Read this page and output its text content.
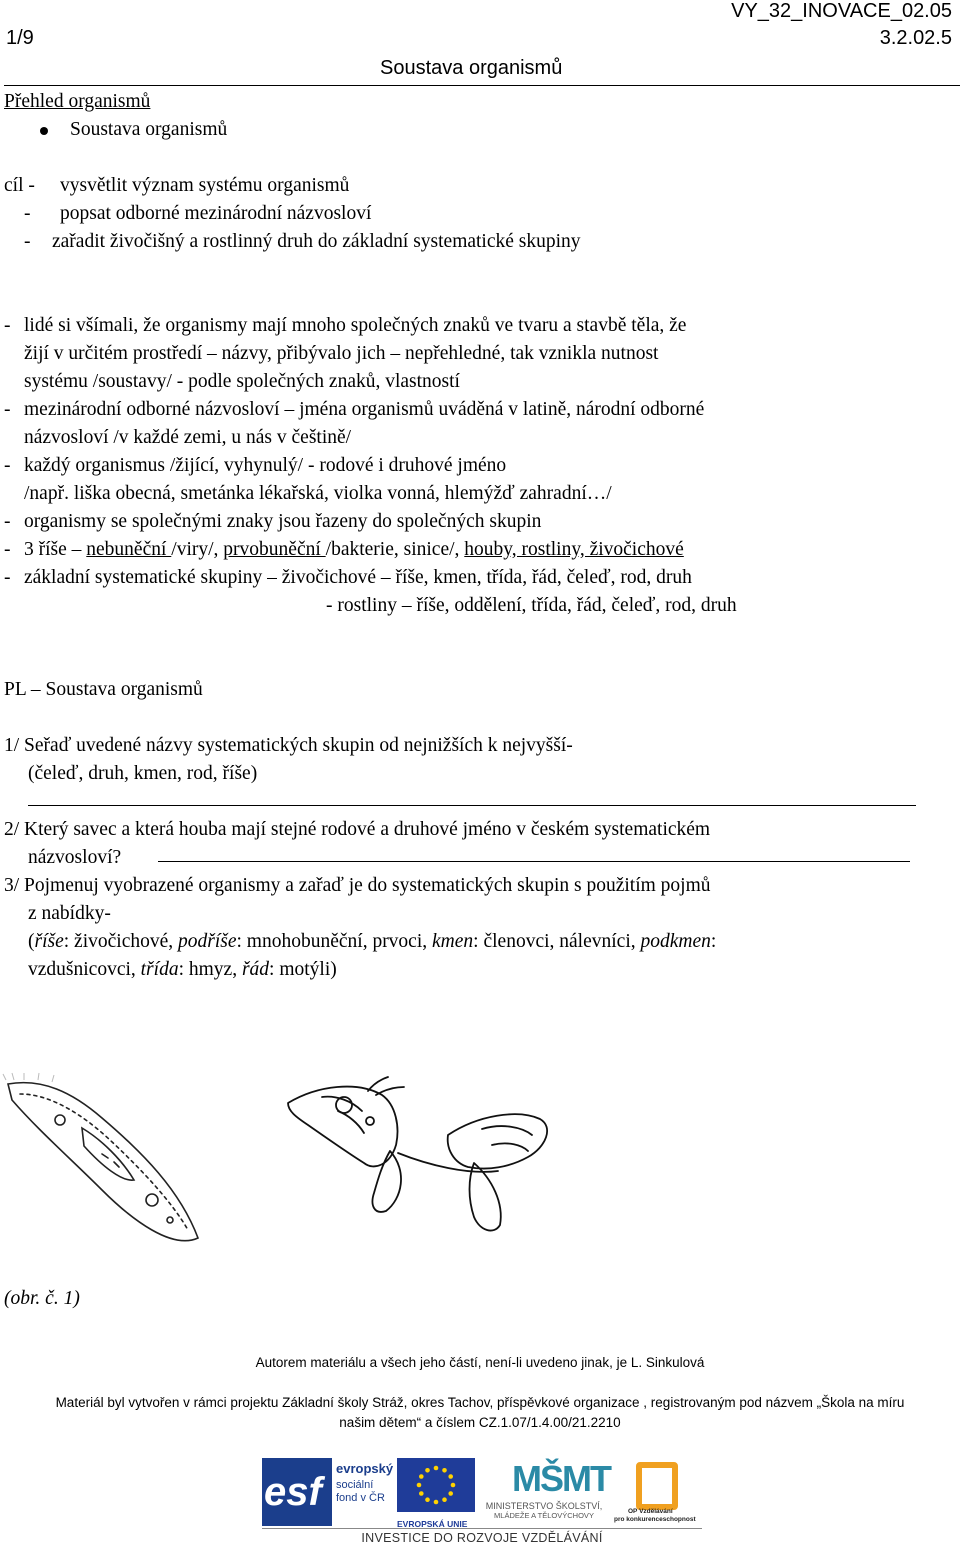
VY_32_INOVACE_02.05
1/9	3.2.02.5
Soustava organismů
Přehled organismů
Soustava organismů
cíl - vysvětlit význam systému organismů
- popsat odborné mezinárodní názvosloví
- zařadit živočišný a rostlinný druh do základní systematické skupiny
- lidé si všímali, že organismy mají mnoho společných znaků ve tvaru a stavbě těla, že
žijí v určitém prostředí – názvy, přibývalo jich – nepřehledné, tak vznikla nutnost
systému /soustavy/ - podle společných znaků, vlastností
- mezinárodní odborné názvosloví – jména organismů uváděná v latině, národní odborné
názvosloví /v každé zemi, u nás v češtině/
- každý organismus /žijící, vyhynulý/ - rodové i druhové jméno
/např. liška obecná, smetánka lékařská, violka vonná, hlemýžď zahradní…/
- organismy se společnými znaky jsou řazeny do společných skupin
- 3 říše – nebuněční /viry/, prvobuněční /bakterie, sinice/, houby, rostliny, živočichové
- základní systematické skupiny – živočichové – říše, kmen, třída, řád, čeleď, rod, druh
- rostliny – říše, oddělení, třída, řád, čeleď, rod, druh
PL – Soustava organismů
1/ Seřaď uvedené názvy systematických skupin od nejnižších k nejvyšší-
(čeleď, druh, kmen, rod, říše)
2/ Který savec a která houba mají stejné rodové a druhové jméno v českém systematickém
názvosloví?
3/ Pojmenuj vyobrazené organismy a zařaď je do systematických skupin s použitím pojmů
z nabídky-
(říše: živočichové, podříše: mnohobuněční, prvoci, kmen: členovci, nálevníci, podkmen:
vzdušnicovci, třída: hmyz, řád: motýli)
(obr. č. 1)
Autorem materiálu a všech jeho částí, není-li uvedeno jinak, je L. Sinkulová
Materiál byl vytvořen v rámci projektu Základní školy Stráž, okres Tachov, příspěvkové organizace , registrovaným pod názvem „Škola na míru
našim dětem“ a číslem CZ.1.07/1.4.00/21.2210
esf
evropský
sociální
fond v ČR
EVROPSKÁ UNIE
MŠMT
MINISTERSTVO ŠKOLSTVÍ,
MLÁDEŽE A TĚLOVÝCHOVY	OP Vzdělávání
pro konkurenceschopnost
INVESTICE DO ROZVOJE VZDĚLÁVÁNÍ
